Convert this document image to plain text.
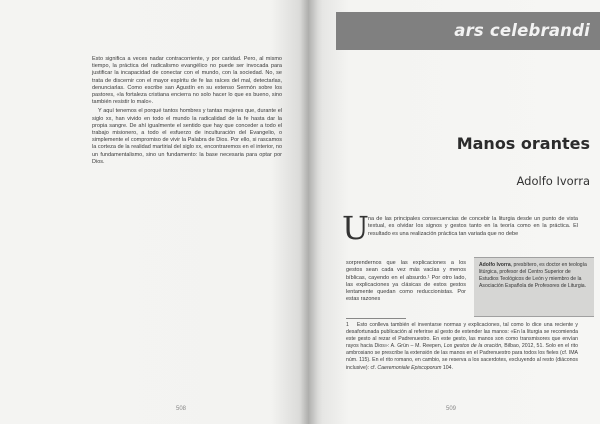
Esto significa a veces nadar contracorriente, y por caridad. Pero, al mismo tiempo, la práctica del radicalismo evangélico no puede ser invocada para justificar la incapacidad de conectar con el mundo, con la sociedad. No, se trata de discernir con el mayor espíritu de fe las raíces del mal, detectarlas, denunciarlas. Como escribe san Agustín en su extenso Sermón sobre los pastores, «la fortaleza cristiana encierra no solo hacer lo que es bueno, sino también resistir lo malo».

Y aquí tenemos el porqué tantos hombres y tantas mujeres que, durante el siglo xx, han vivido en todo el mundo la radicalidad de la fe hasta dar la propia sangre. De ahí igualmente el sentido que hay que conceder a todo el trabajo misionero, a todo el esfuerzo de inculturación del Evangelio, o simplemente el compromiso de vivir la Palabra de Dios. Por ello, si rascamos la corteza de la realidad martirial del siglo xx, encontraremos en el interior, no un fundamentalismo, sino un fundamento: la base necesaria para optar por Dios.

508
ars celebrandi
Manos orantes
Adolfo Ivorra
U na de las principales consecuencias de concebir la liturgia desde un punto de vista textual, es olvidar los signos y gestos tanto en la teoría como en la práctica. El resultado es una realización práctica tan variada que no debe
sorprendernos que las explicaciones a los gestos sean cada vez más vacías y menos bíblicas, cayendo en el absurdo.¹ Por otro lado, las explicaciones ya clásicas de estos gestos lentamente quedan como reduccionistas. Por estas razones

Adolfo Ivorra, presbítero, es doctor en teología litúrgica, profesor del Centro Superior de Estudios Teológicos de León y miembro de la Asociación Española de Profesores de Liturgia.

1 Esto conlleva también el inventarse normas y explicaciones, tal como lo dice una reciente y desafortunada publicación al referirse al gesto de extender las manos: «En la liturgia se recomienda este gesto al rezar el Padrenuestro. En este gesto, las manos son como transmisores que envían rayos hacia Dios»: A. Grün – M. Reepen, Los gestos de la oración, Bilbao, 2012, 51. Solo en el rito ambrosiano se prescribe la extensión de las manos en el Padrenuestro para todos los fieles (cf. IMA núm. 115). En el rito romano, en cambio, se reserva a los sacerdotes, excluyendo al resto (diáconos inclusive): cf. Caeremoniale Episcoporum 104.
509
